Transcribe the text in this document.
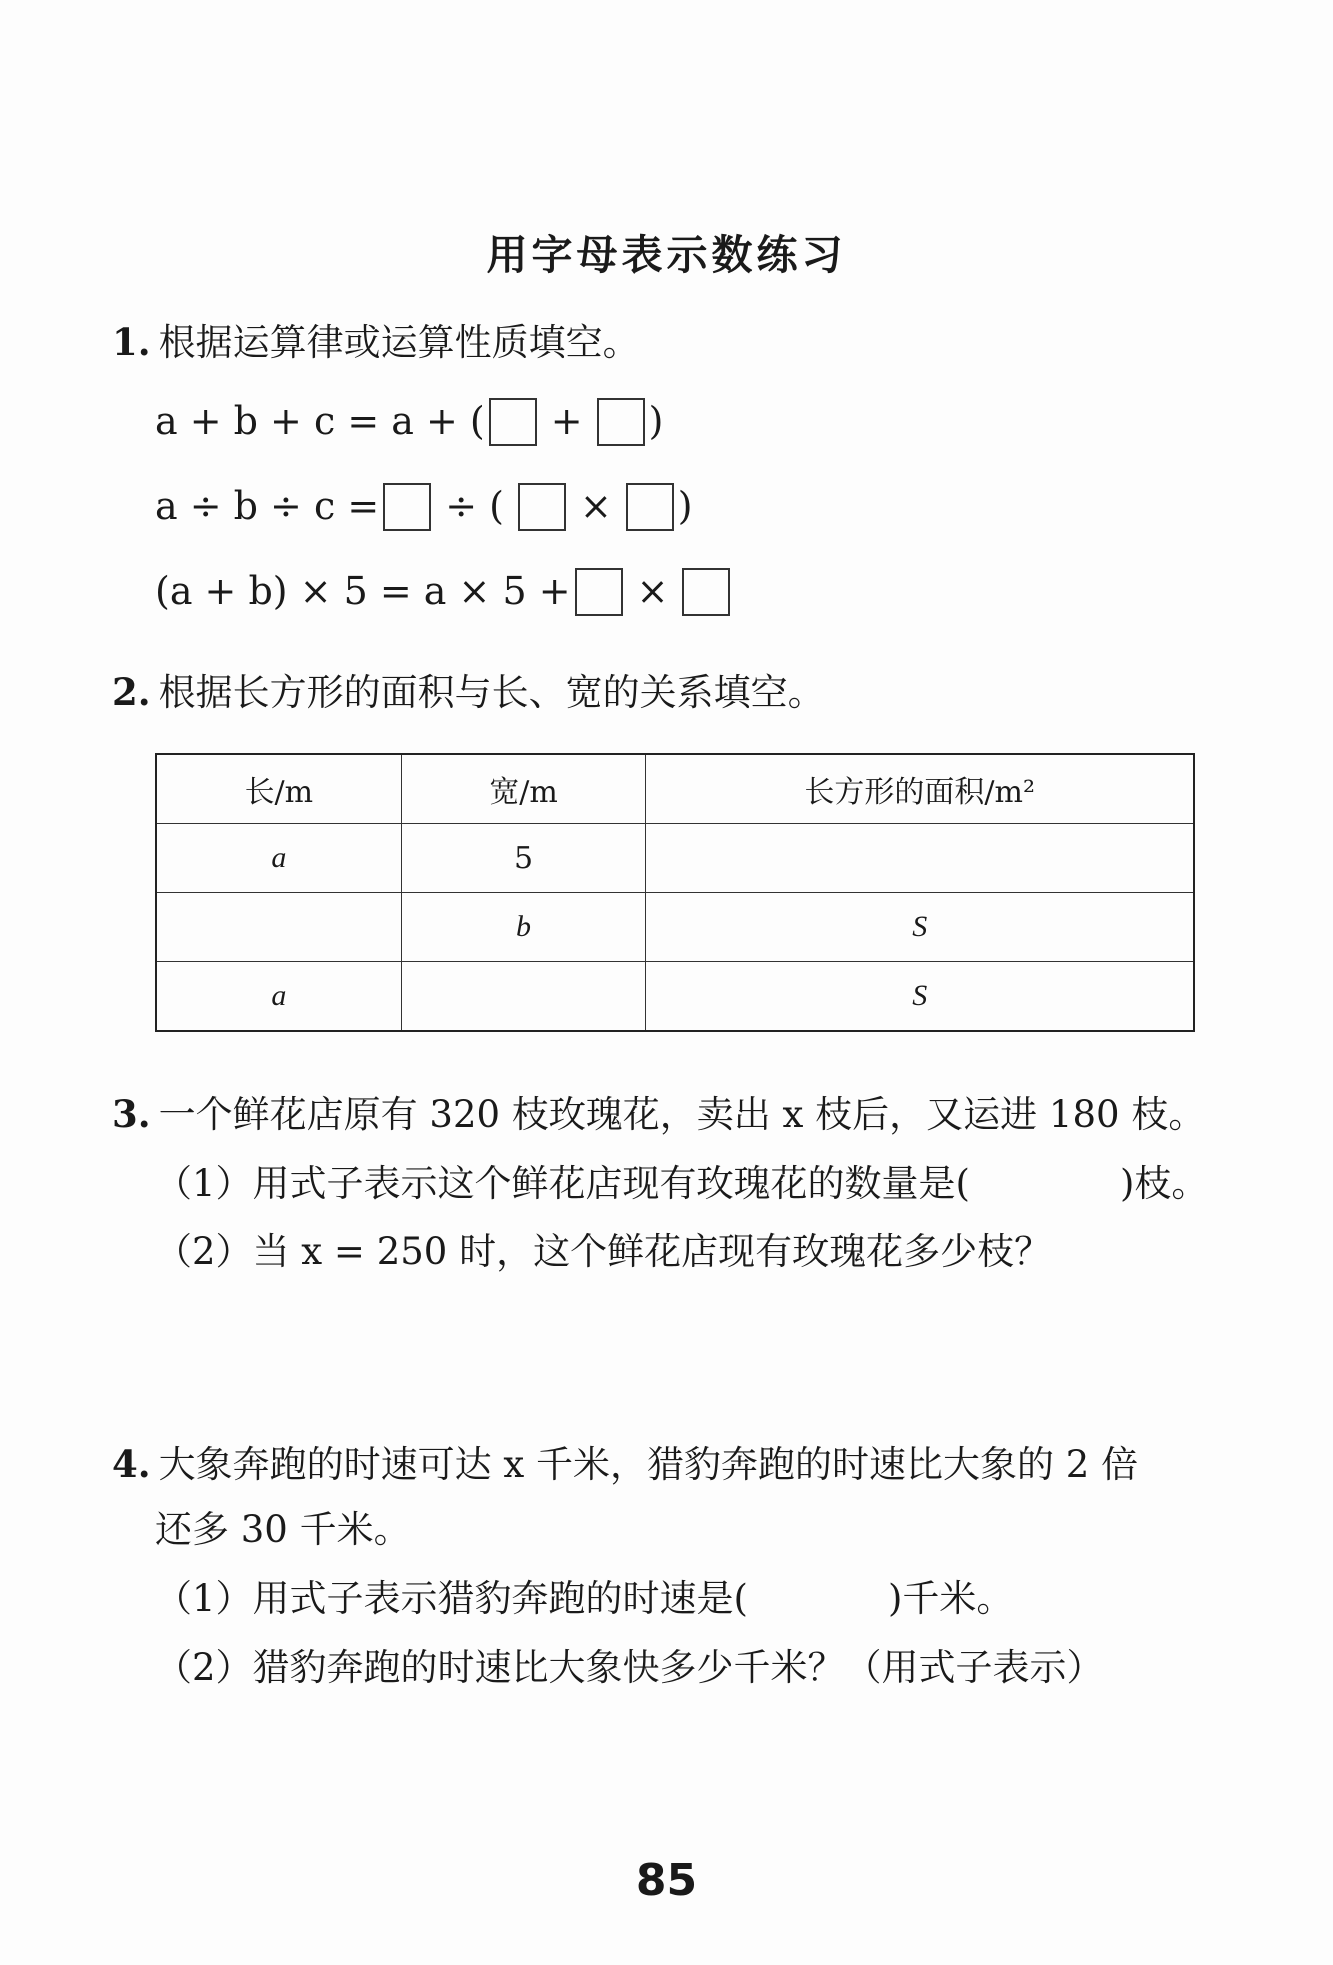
用字母表示数练习
1. 根据运算律或运算性质填空。
a + b + c = a + ( + )
a ÷ b ÷ c = ÷ ( × )
(a + b) × 5 = a × 5 + ×
2. 根据长方形的面积与长、宽的关系填空。
长/m	宽/m	长方形的面积/m²
a	5	
	b	S
a		S
3. 一个鲜花店原有 320 枝玫瑰花，卖出 x 枝后，又运进 180 枝。
（1）用式子表示这个鲜花店现有玫瑰花的数量是(	)枝。
（2）当 x = 250 时，这个鲜花店现有玫瑰花多少枝？
4. 大象奔跑的时速可达 x 千米，猎豹奔跑的时速比大象的 2 倍
还多 30 千米。
（1）用式子表示猎豹奔跑的时速是(	)千米。
（2）猎豹奔跑的时速比大象快多少千米？（用式子表示）
85
